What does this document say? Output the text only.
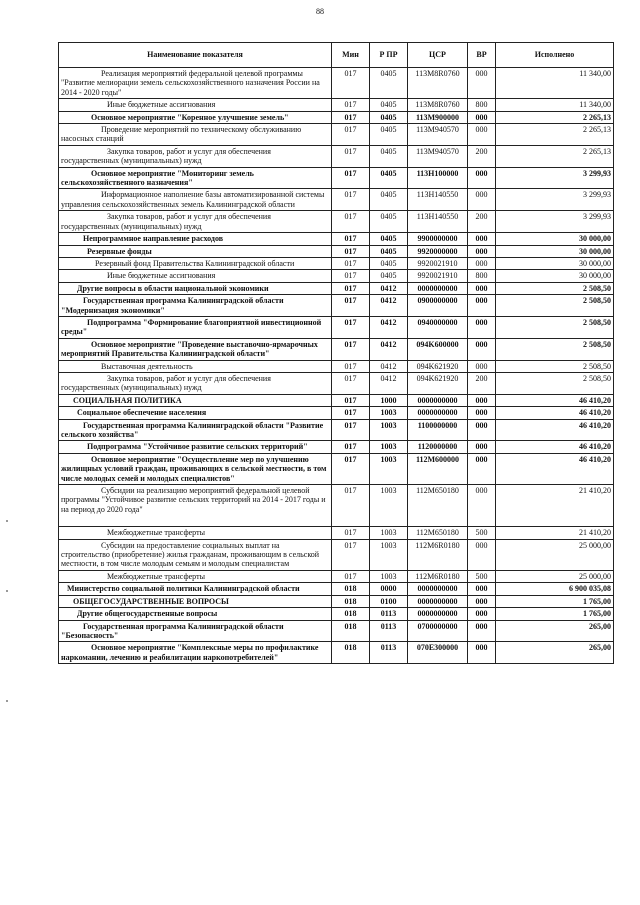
88
Наименование показателя	Мин	Р ПР	ЦСР	ВР	Исполнено
Реализация мероприятий федеральной целевой программы "Развитие мелиорации земель сельскохозяйственного назначения России на 2014 - 2020 годы"	017	0405	113M8R0760	000	11 340,00
Иные бюджетные ассигнования	017	0405	113M8R0760	800	11 340,00
Основное мероприятие "Коренное улучшение земель"	017	0405	113M900000	000	2 265,13
Проведение мероприятий по техническому обслуживанию насосных станций	017	0405	113M940570	000	2 265,13
Закупка товаров, работ и услуг для обеспечения государственных (муниципальных) нужд	017	0405	113M940570	200	2 265,13
Основное мероприятие "Мониторинг земель сельскохозяйственного назначения"	017	0405	113H100000	000	3 299,93
Информационное наполнение базы автоматизированной системы управления сельскохозяйственных земель Калининградской области	017	0405	113H140550	000	3 299,93
Закупка товаров, работ и услуг для обеспечения государственных (муниципальных) нужд	017	0405	113H140550	200	3 299,93
Непрограммное направление расходов	017	0405	9900000000	000	30 000,00
Резервные фонды	017	0405	9920000000	000	30 000,00
Резервный фонд Правительства Калининградской области	017	0405	9920021910	000	30 000,00
Иные бюджетные ассигнования	017	0405	9920021910	800	30 000,00
Другие вопросы в области национальной экономики	017	0412	0000000000	000	2 508,50
Государственная программа Калининградской области "Модернизация экономики"	017	0412	0900000000	000	2 508,50
Подпрограмма "Формирование благоприятной инвестиционной среды"	017	0412	0940000000	000	2 508,50
Основное мероприятие "Проведение выставочно-ярмарочных мероприятий Правительства Калининградской области"	017	0412	094K600000	000	2 508,50
Выставочная деятельность	017	0412	094K621920	000	2 508,50
Закупка товаров, работ и услуг для обеспечения государственных (муниципальных) нужд	017	0412	094K621920	200	2 508,50
СОЦИАЛЬНАЯ ПОЛИТИКА	017	1000	0000000000	000	46 410,20
Социальное обеспечение населения	017	1003	0000000000	000	46 410,20
Государственная программа Калининградской области "Развитие сельского хозяйства"	017	1003	1100000000	000	46 410,20
Подпрограмма "Устойчивое развитие сельских территорий"	017	1003	1120000000	000	46 410,20
Основное мероприятие "Осуществление мер по улучшению жилищных условий граждан, проживающих в сельской местности, в том числе молодых семей и молодых специалистов"	017	1003	112M600000	000	46 410,20
Субсидии на реализацию мероприятий федеральной целевой программы "Устойчивое развитие сельских территорий на 2014 - 2017 годы и на период до 2020 года"	017	1003	112M650180	000	21 410,20
Межбюджетные трансферты	017	1003	112M650180	500	21 410,20
Субсидии на предоставление социальных выплат на строительство (приобретение) жилья гражданам, проживающим в сельской местности, в том числе молодым семьям и молодым специалистам	017	1003	112M6R0180	000	25 000,00
Межбюджетные трансферты	017	1003	112M6R0180	500	25 000,00
Министерство социальной политики Калининградской области	018	0000	0000000000	000	6 900 035,08
ОБЩЕГОСУДАРСТВЕННЫЕ ВОПРОСЫ	018	0100	0000000000	000	1 765,00
Другие общегосударственные вопросы	018	0113	0000000000	000	1 765,00
Государственная программа Калининградской области "Безопасность"	018	0113	0700000000	000	265,00
Основное мероприятие "Комплексные меры по профилактике наркомании, лечению и реабилитации наркопотребителей"	018	0113	070E300000	000	265,00
